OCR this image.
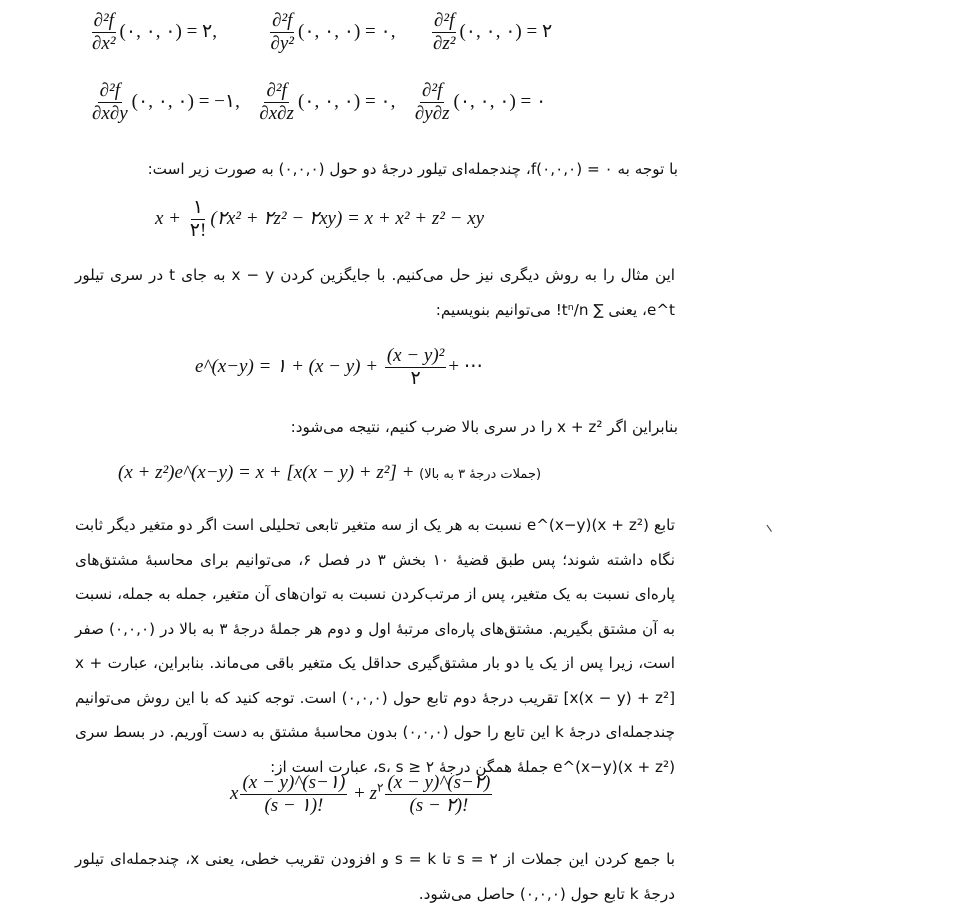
$\frac{\text{∂²f}}{\text{∂x²}}$ (۰, ۰, ۰) = ۲,	$\frac{\text{∂²f}}{\text{∂y²}}$ (۰, ۰, ۰) = ۰, $\frac{\text{∂²f}}{\text{∂z²}}$ (۰, ۰, ۰) = ۲
$\frac{\text{∂²f}}{\partial x\partial y}$ (۰, ۰, ۰) = −۱, $\frac{\text{∂²f}}{\partial x\partial z}$ (۰, ۰, ۰) = ۰, $\frac{\text{∂²f}}{\partial y\partial z}$ (۰, ۰, ۰) = ۰
با توجه به f(۰,۰,۰) = ۰، چندجمله‌ای تیلور درجهٔ دو حول (۰,۰,۰) به صورت زیر است:
$x + \frac{۱}{۲!}$ (۲x² + ۲z² − ۲xy) = x + x² + z² − xy
این مثال را به روش دیگری نیز حل می‌کنیم. با جایگزین کردن x − y به جای t در سری تیلور e^t، یعنی ∑ tⁿ/n! می‌توانیم بنویسیم:
e^(x−y) = ۱ + $(x - y) + \frac{\text{(x − y)²}}{۲}$ + ⋯
بنابراین اگر x + z² را در سری بالا ضرب کنیم، نتیجه می‌شود:
(x + z²)e^(x−y) = x + [x(x − y) + z²] + (جملات درجهٔ ۳ به بالا)
تابع (x + z²)e^(x−y) نسبت به هر یک از سه متغیر تابعی تحلیلی است اگر دو متغیر دیگر ثابت نگاه داشته شوند؛ پس طبق قضیهٔ ۱۰ بخش ۳ در فصل ۶، می‌توانیم برای محاسبهٔ مشتق‌های پاره‌ای نسبت به یک متغیر، پس از مرتب‌کردن نسبت به توان‌های آن متغیر، جمله به جمله، نسبت به آن مشتق بگیریم. مشتق‌های پاره‌ای مرتبهٔ اول و دوم هر جملهٔ درجهٔ ۳ به بالا در (۰,۰,۰) صفر است، زیرا پس از یک یا دو بار مشتق‌گیری حداقل یک متغیر باقی می‌ماند. بنابراین، عبارت x + [x(x − y) + z²] تقریب درجهٔ دوم تابع حول (۰,۰,۰) است. توجه کنید که با این روش می‌توانیم چندجمله‌ای درجهٔ k این تابع را حول (۰,۰,۰) بدون محاسبهٔ مشتق به دست آوریم. در بسط سری (x + z²)e^(x−y) جملهٔ همگن درجهٔ s، s ≥ ۲، عبارت است از:
x $\frac{(x - y)\^{}(s-۱)}{(s - ۱)!} + z^۲ \frac{(x - y)\^{}(s-۲)}{(s - ۲)!}$
با جمع کردن این جملات از s = ۲ تا s = k و افزودن تقریب خطی، یعنی x، چندجمله‌ای تیلور درجهٔ k تابع حول (۰,۰,۰) حاصل می‌شود.
